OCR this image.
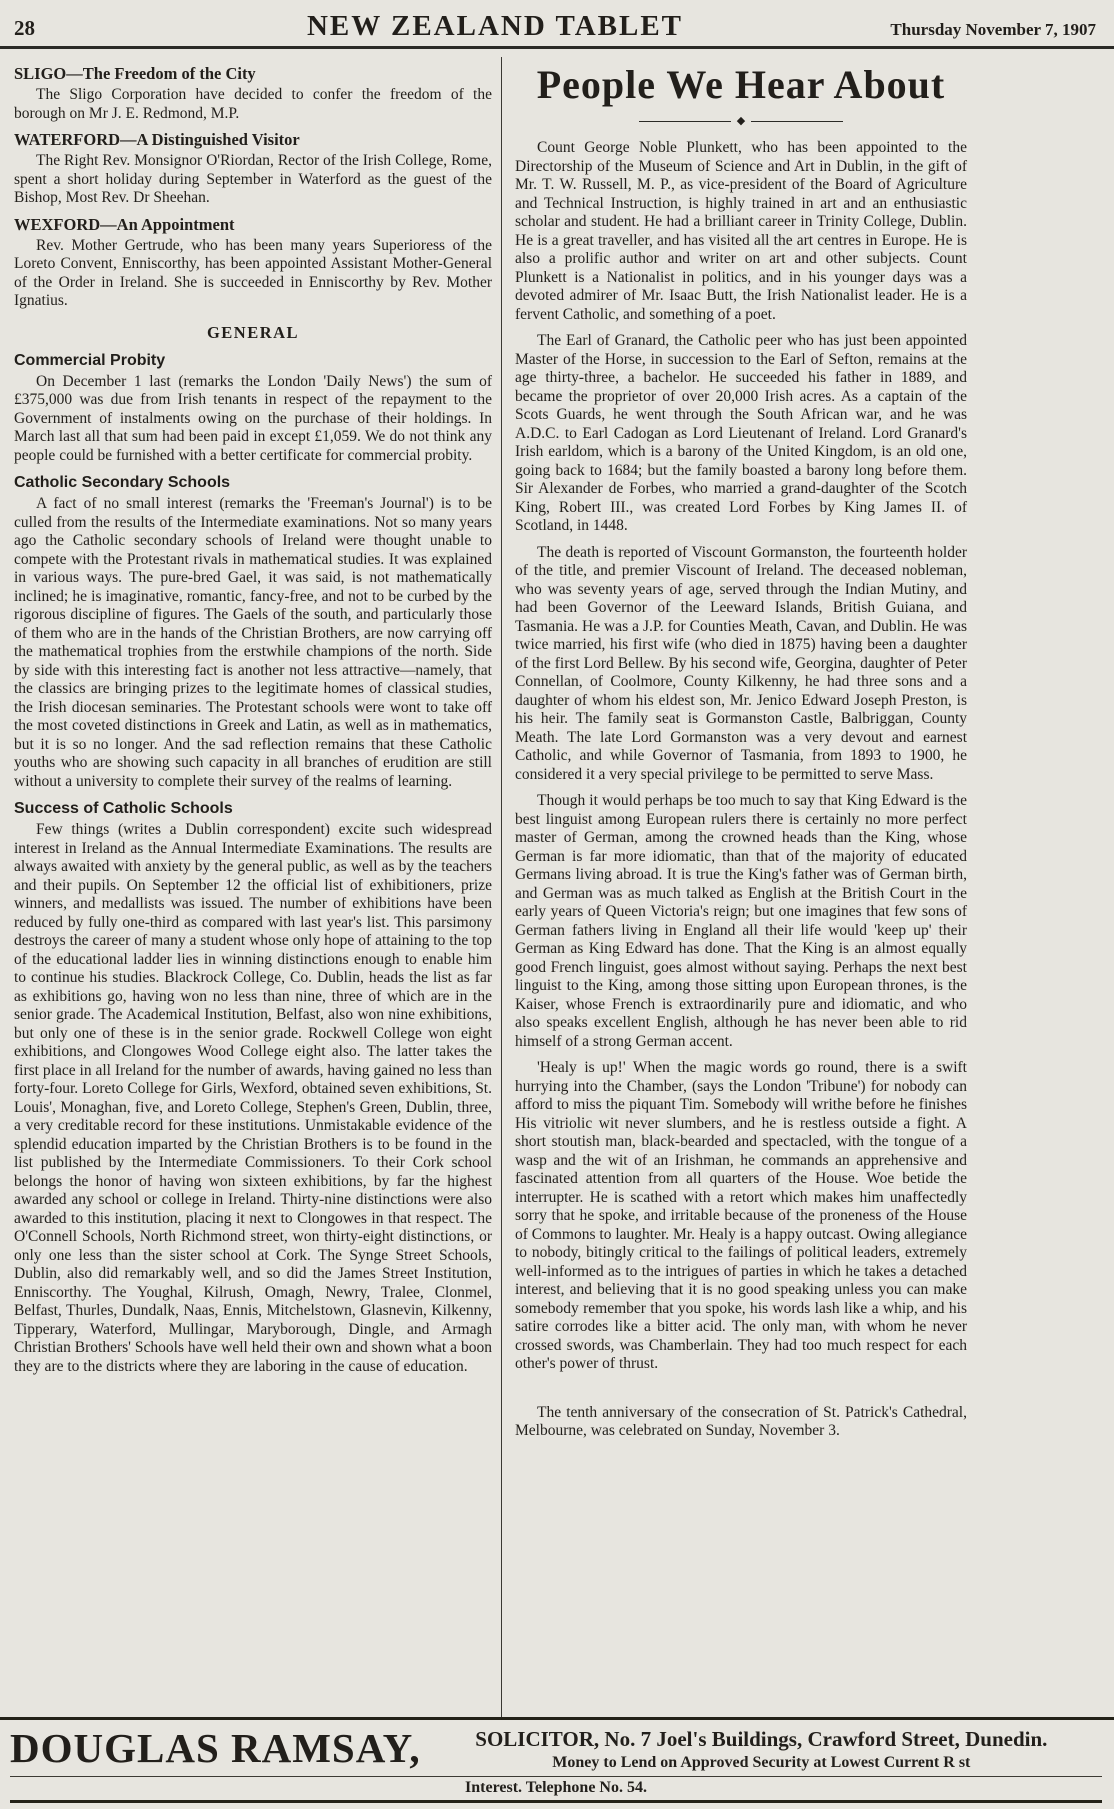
28	NEW ZEALAND TABLET	Thursday November 7, 1907
SLIGO—The Freedom of the City

The Sligo Corporation have decided to confer the freedom of the borough on Mr J. E. Redmond, M.P.

WATERFORD—A Distinguished Visitor

The Right Rev. Monsignor O'Riordan, Rector of the Irish College, Rome, spent a short holiday during September in Waterford as the guest of the Bishop, Most Rev. Dr Sheehan.

WEXFORD—An Appointment

Rev. Mother Gertrude, who has been many years Superioress of the Loreto Convent, Enniscorthy, has been appointed Assistant Mother-General of the Order in Ireland. She is succeeded in Enniscorthy by Rev. Mother Ignatius.

GENERAL
Commercial Probity

On December 1 last (remarks the London 'Daily News') the sum of £375,000 was due from Irish tenants in respect of the repayment to the Government of instalments owing on the purchase of their holdings. In March last all that sum had been paid in except £1,059. We do not think any people could be furnished with a better certificate for commercial probity.

Catholic Secondary Schools

A fact of no small interest (remarks the 'Freeman's Journal') is to be culled from the results of the Intermediate examinations. Not so many years ago the Catholic secondary schools of Ireland were thought unable to compete with the Protestant rivals in mathematical studies. It was explained in various ways. The pure-bred Gael, it was said, is not mathematically inclined; he is imaginative, romantic, fancy-free, and not to be curbed by the rigorous discipline of figures. The Gaels of the south, and particularly those of them who are in the hands of the Christian Brothers, are now carrying off the mathematical trophies from the erstwhile champions of the north. Side by side with this interesting fact is another not less attractive—namely, that the classics are bringing prizes to the legitimate homes of classical studies, the Irish diocesan seminaries. The Protestant schools were wont to take off the most coveted distinctions in Greek and Latin, as well as in mathematics, but it is so no longer. And the sad reflection remains that these Catholic youths who are showing such capacity in all branches of erudition are still without a university to complete their survey of the realms of learning.

Success of Catholic Schools

Few things (writes a Dublin correspondent) excite such widespread interest in Ireland as the Annual Intermediate Examinations. The results are always awaited with anxiety by the general public, as well as by the teachers and their pupils. On September 12 the official list of exhibitioners, prize winners, and medallists was issued. The number of exhibitions have been reduced by fully one-third as compared with last year's list. This parsimony destroys the career of many a student whose only hope of attaining to the top of the educational ladder lies in winning distinctions enough to enable him to continue his studies. Blackrock College, Co. Dublin, heads the list as far as exhibitions go, having won no less than nine, three of which are in the senior grade. The Academical Institution, Belfast, also won nine exhibitions, but only one of these is in the senior grade. Rockwell College won eight exhibitions, and Clongowes Wood College eight also. The latter takes the first place in all Ireland for the number of awards, having gained no less than forty-four. Loreto College for Girls, Wexford, obtained seven exhibitions, St. Louis', Monaghan, five, and Loreto College, Stephen's Green, Dublin, three, a very creditable record for these institutions. Unmistakable evidence of the splendid education imparted by the Christian Brothers is to be found in the list published by the Intermediate Commissioners. To their Cork school belongs the honor of having won sixteen exhibitions, by far the highest awarded any school or college in Ireland. Thirty-nine distinctions were also awarded to this institution, placing it next to Clongowes in that respect. The O'Connell Schools, North Richmond street, won thirty-eight distinctions, or only one less than the sister school at Cork. The Synge Street Schools, Dublin, also did remarkably well, and so did the James Street Institution, Enniscorthy. The Youghal, Kilrush, Omagh, Newry, Tralee, Clonmel, Belfast, Thurles, Dundalk, Naas, Ennis, Mitchelstown, Glasnevin, Kilkenny, Tipperary, Waterford, Mullingar, Maryborough, Dingle, and Armagh Christian Brothers' Schools have well held their own and shown what a boon they are to the districts where they are laboring in the cause of education.

People We Hear About
◆

Count George Noble Plunkett, who has been appointed to the Directorship of the Museum of Science and Art in Dublin, in the gift of Mr. T. W. Russell, M. P., as vice-president of the Board of Agriculture and Technical Instruction, is highly trained in art and an enthusiastic scholar and student. He had a brilliant career in Trinity College, Dublin. He is a great traveller, and has visited all the art centres in Europe. He is also a prolific author and writer on art and other subjects. Count Plunkett is a Nationalist in politics, and in his younger days was a devoted admirer of Mr. Isaac Butt, the Irish Nationalist leader. He is a fervent Catholic, and something of a poet.

The Earl of Granard, the Catholic peer who has just been appointed Master of the Horse, in succession to the Earl of Sefton, remains at the age thirty-three, a bachelor. He succeeded his father in 1889, and became the proprietor of over 20,000 Irish acres. As a captain of the Scots Guards, he went through the South African war, and he was A.D.C. to Earl Cadogan as Lord Lieutenant of Ireland. Lord Granard's Irish earldom, which is a barony of the United Kingdom, is an old one, going back to 1684; but the family boasted a barony long before them. Sir Alexander de Forbes, who married a grand-daughter of the Scotch King, Robert III., was created Lord Forbes by King James II. of Scotland, in 1448.

The death is reported of Viscount Gormanston, the fourteenth holder of the title, and premier Viscount of Ireland. The deceased nobleman, who was seventy years of age, served through the Indian Mutiny, and had been Governor of the Leeward Islands, British Guiana, and Tasmania. He was a J.P. for Counties Meath, Cavan, and Dublin. He was twice married, his first wife (who died in 1875) having been a daughter of the first Lord Bellew. By his second wife, Georgina, daughter of Peter Connellan, of Coolmore, County Kilkenny, he had three sons and a daughter of whom his eldest son, Mr. Jenico Edward Joseph Preston, is his heir. The family seat is Gormanston Castle, Balbriggan, County Meath. The late Lord Gormanston was a very devout and earnest Catholic, and while Governor of Tasmania, from 1893 to 1900, he considered it a very special privilege to be permitted to serve Mass.

Though it would perhaps be too much to say that King Edward is the best linguist among European rulers there is certainly no more perfect master of German, among the crowned heads than the King, whose German is far more idiomatic, than that of the majority of educated Germans living abroad. It is true the King's father was of German birth, and German was as much talked as English at the British Court in the early years of Queen Victoria's reign; but one imagines that few sons of German fathers living in England all their life would 'keep up' their German as King Edward has done. That the King is an almost equally good French linguist, goes almost without saying. Perhaps the next best linguist to the King, among those sitting upon European thrones, is the Kaiser, whose French is extraordinarily pure and idiomatic, and who also speaks excellent English, although he has never been able to rid himself of a strong German accent.

'Healy is up!' When the magic words go round, there is a swift hurrying into the Chamber, (says the London 'Tribune') for nobody can afford to miss the piquant Tim. Somebody will writhe before he finishes His vitriolic wit never slumbers, and he is restless outside a fight. A short stoutish man, black-bearded and spectacled, with the tongue of a wasp and the wit of an Irishman, he commands an apprehensive and fascinated attention from all quarters of the House. Woe betide the interrupter. He is scathed with a retort which makes him unaffectedly sorry that he spoke, and irritable because of the proneness of the House of Commons to laughter. Mr. Healy is a happy outcast. Owing allegiance to nobody, bitingly critical to the failings of political leaders, extremely well-informed as to the intrigues of parties in which he takes a detached interest, and believing that it is no good speaking unless you can make somebody remember that you spoke, his words lash like a whip, and his satire corrodes like a bitter acid. The only man, with whom he never crossed swords, was Chamberlain. They had too much respect for each other's power of thrust.

The tenth anniversary of the consecration of St. Patrick's Cathedral, Melbourne, was celebrated on Sunday, November 3.

DOUGLAS RAMSAY,	SOLICITOR, No. 7 Joel's Buildings, Crawford Street, Dunedin.
Money to Lend on Approved Security at Lowest Current R st
Interest. Telephone No. 54.
